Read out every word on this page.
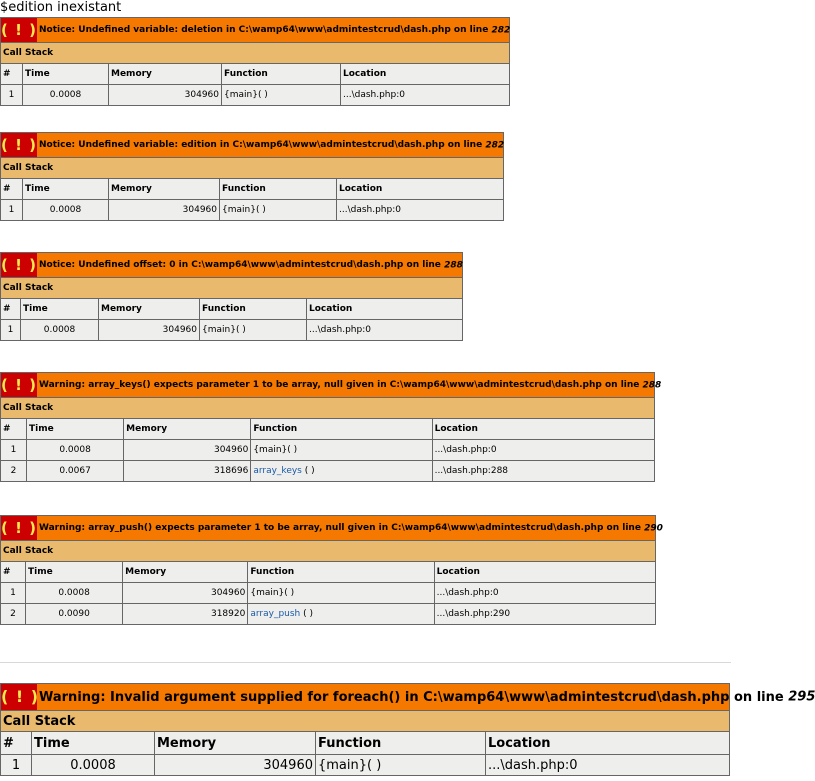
$edition inexistant
( ! ) Notice: Undefined variable: deletion in C:\wamp64\www\admintestcrud\dash.php on line 282				
Call Stack				
#	Time	Memory	Function	Location
1	0.0008	304960	{main}( )	...\dash.php:0
( ! ) Notice: Undefined variable: edition in C:\wamp64\www\admintestcrud\dash.php on line 282				
Call Stack				
#	Time	Memory	Function	Location
1	0.0008	304960	{main}( )	...\dash.php:0
( ! ) Notice: Undefined offset: 0 in C:\wamp64\www\admintestcrud\dash.php on line 288				
Call Stack				
#	Time	Memory	Function	Location
1	0.0008	304960	{main}( )	...\dash.php:0
( ! ) Warning: array_keys() expects parameter 1 to be array, null given in C:\wamp64\www\admintestcrud\dash.php on line 288				
Call Stack				
#	Time	Memory	Function	Location
1	0.0008	304960	{main}( )	...\dash.php:0
2	0.0067	318696	array_keys ( )	...\dash.php:288
( ! ) Warning: array_push() expects parameter 1 to be array, null given in C:\wamp64\www\admintestcrud\dash.php on line 290				
Call Stack				
#	Time	Memory	Function	Location
1	0.0008	304960	{main}( )	...\dash.php:0
2	0.0090	318920	array_push ( )	...\dash.php:290
( ! )Warning: Invalid argument supplied for foreach() in C:\wamp64\www\admintestcrud\dash.php on line 295				
Call Stack				
#	Time	Memory	Function	Location
1	0.0008	304960	{main}( )	...\dash.php:0
